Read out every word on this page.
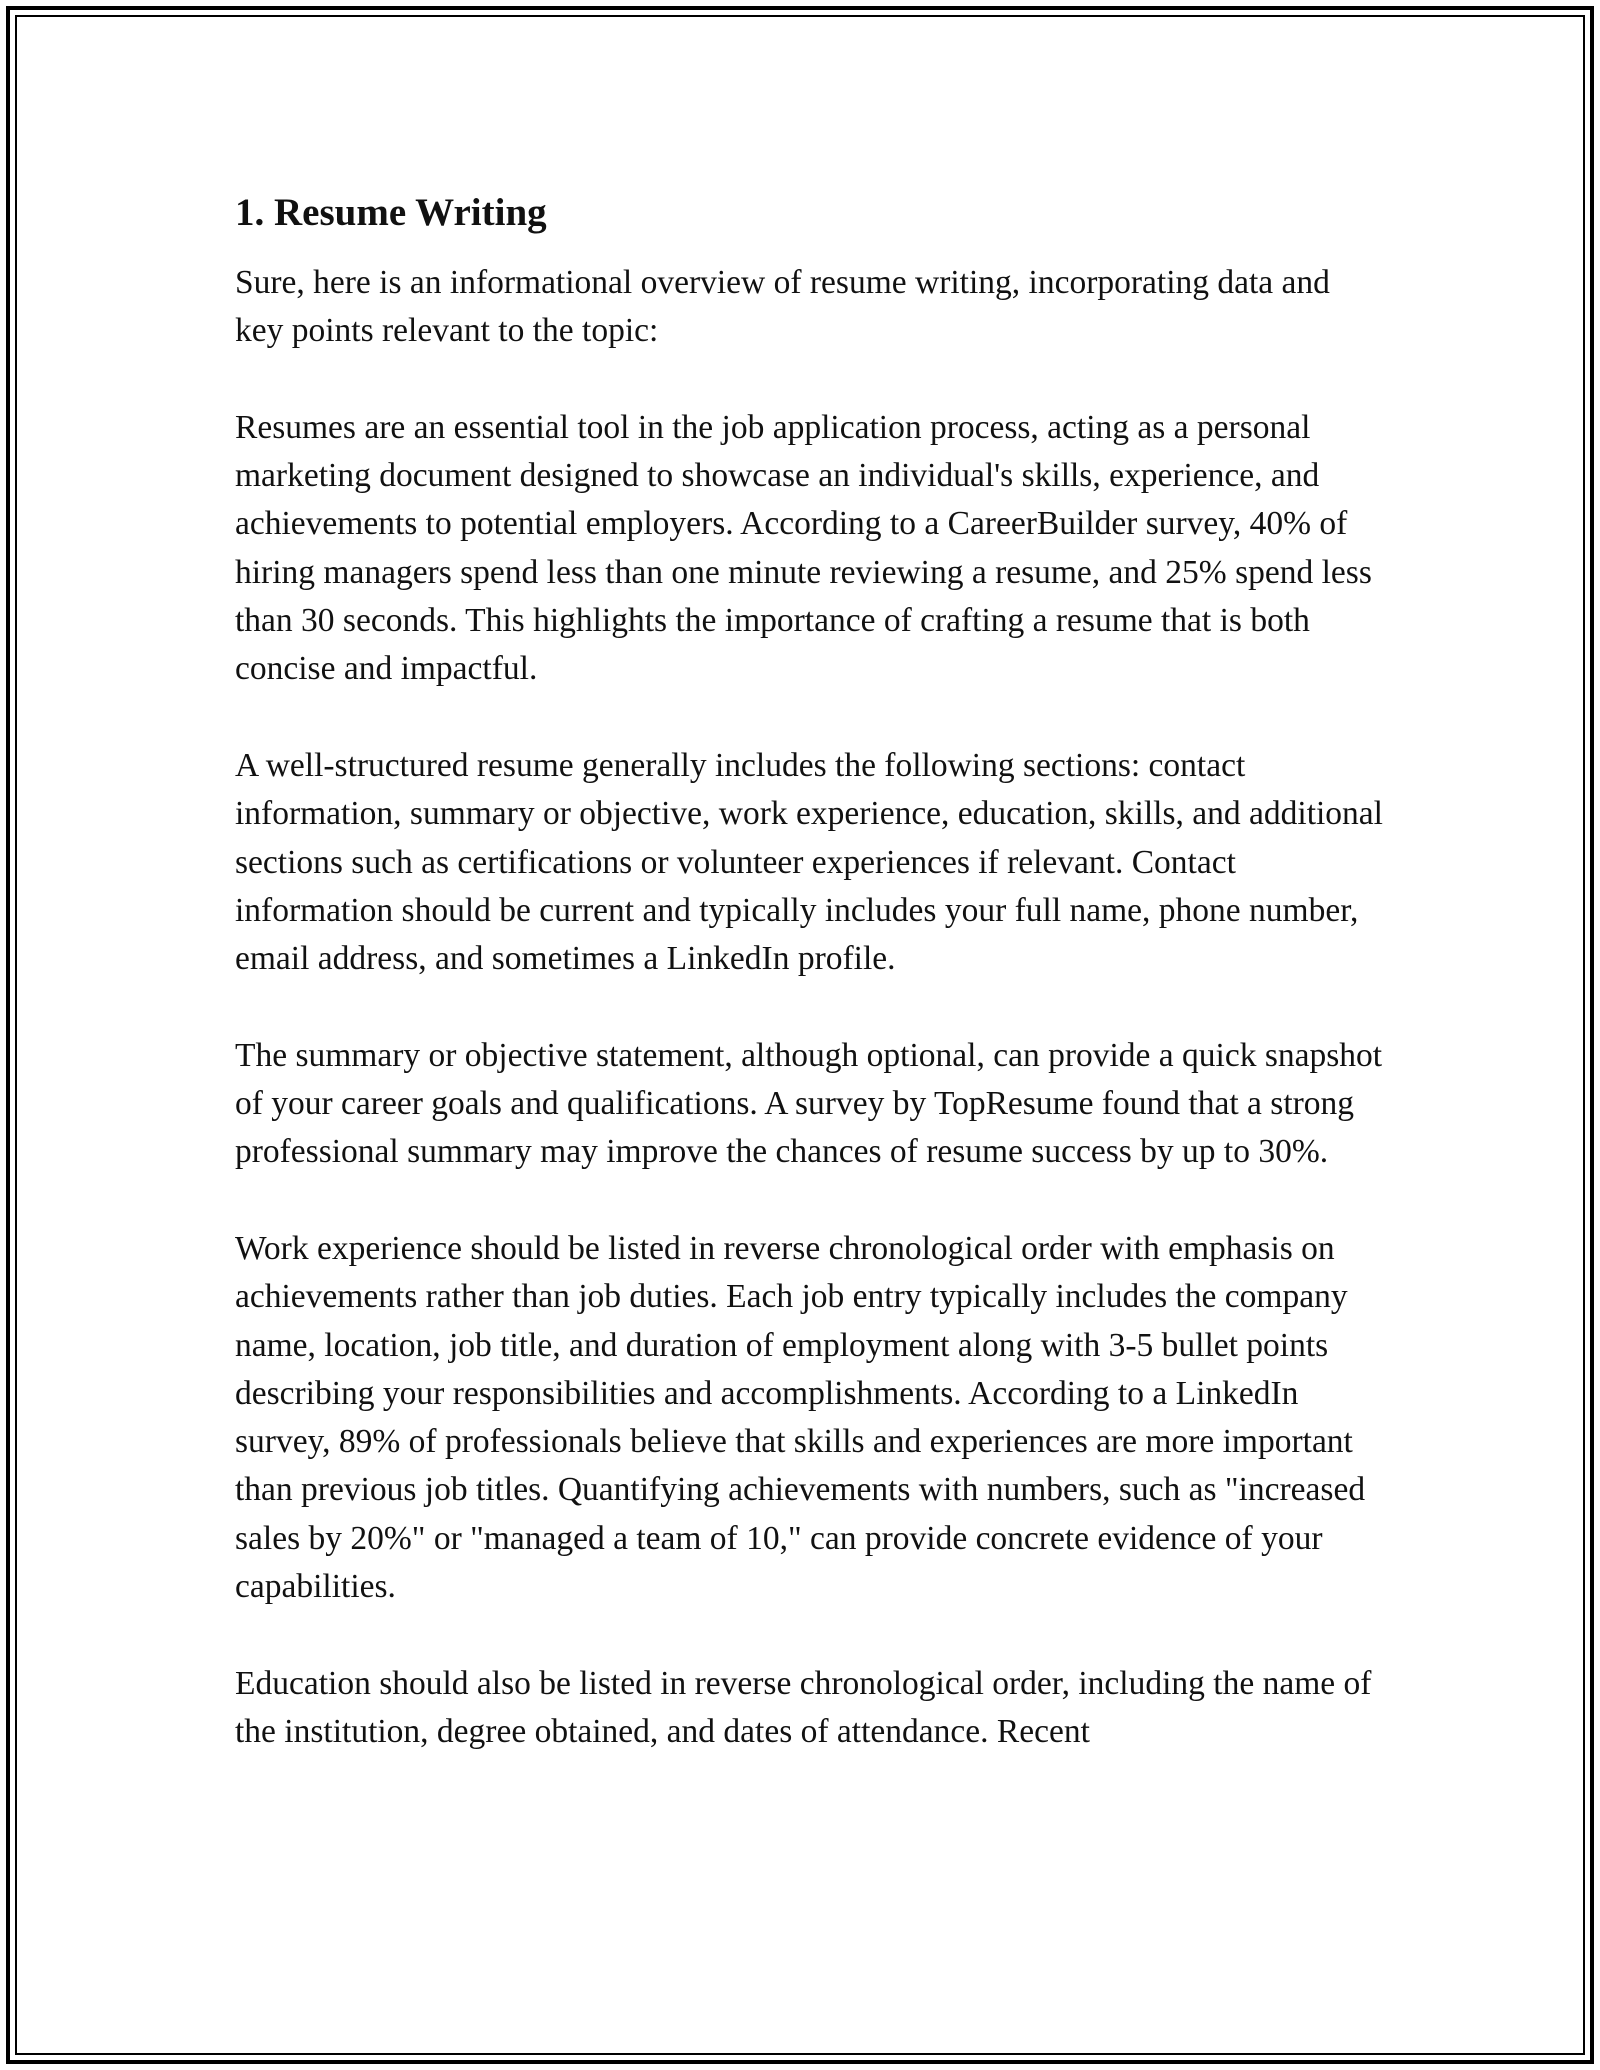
1. Resume Writing

Sure, here is an informational overview of resume writing, incorporating data and key points relevant to the topic:

Resumes are an essential tool in the job application process, acting as a personal marketing document designed to showcase an individual's skills, experience, and achievements to potential employers. According to a CareerBuilder survey, 40% of hiring managers spend less than one minute reviewing a resume, and 25% spend less than 30 seconds. This highlights the importance of crafting a resume that is both concise and impactful.

A well-structured resume generally includes the following sections: contact information, summary or objective, work experience, education, skills, and additional sections such as certifications or volunteer experiences if relevant. Contact information should be current and typically includes your full name, phone number, email address, and sometimes a LinkedIn profile.

The summary or objective statement, although optional, can provide a quick snapshot of your career goals and qualifications. A survey by TopResume found that a strong professional summary may improve the chances of resume success by up to 30%.

Work experience should be listed in reverse chronological order with emphasis on achievements rather than job duties. Each job entry typically includes the company name, location, job title, and duration of employment along with 3-5 bullet points describing your responsibilities and accomplishments. According to a LinkedIn survey, 89% of professionals believe that skills and experiences are more important than previous job titles. Quantifying achievements with numbers, such as "increased sales by 20%" or "managed a team of 10," can provide concrete evidence of your capabilities.

Education should also be listed in reverse chronological order, including the name of the institution, degree obtained, and dates of attendance. Recent
